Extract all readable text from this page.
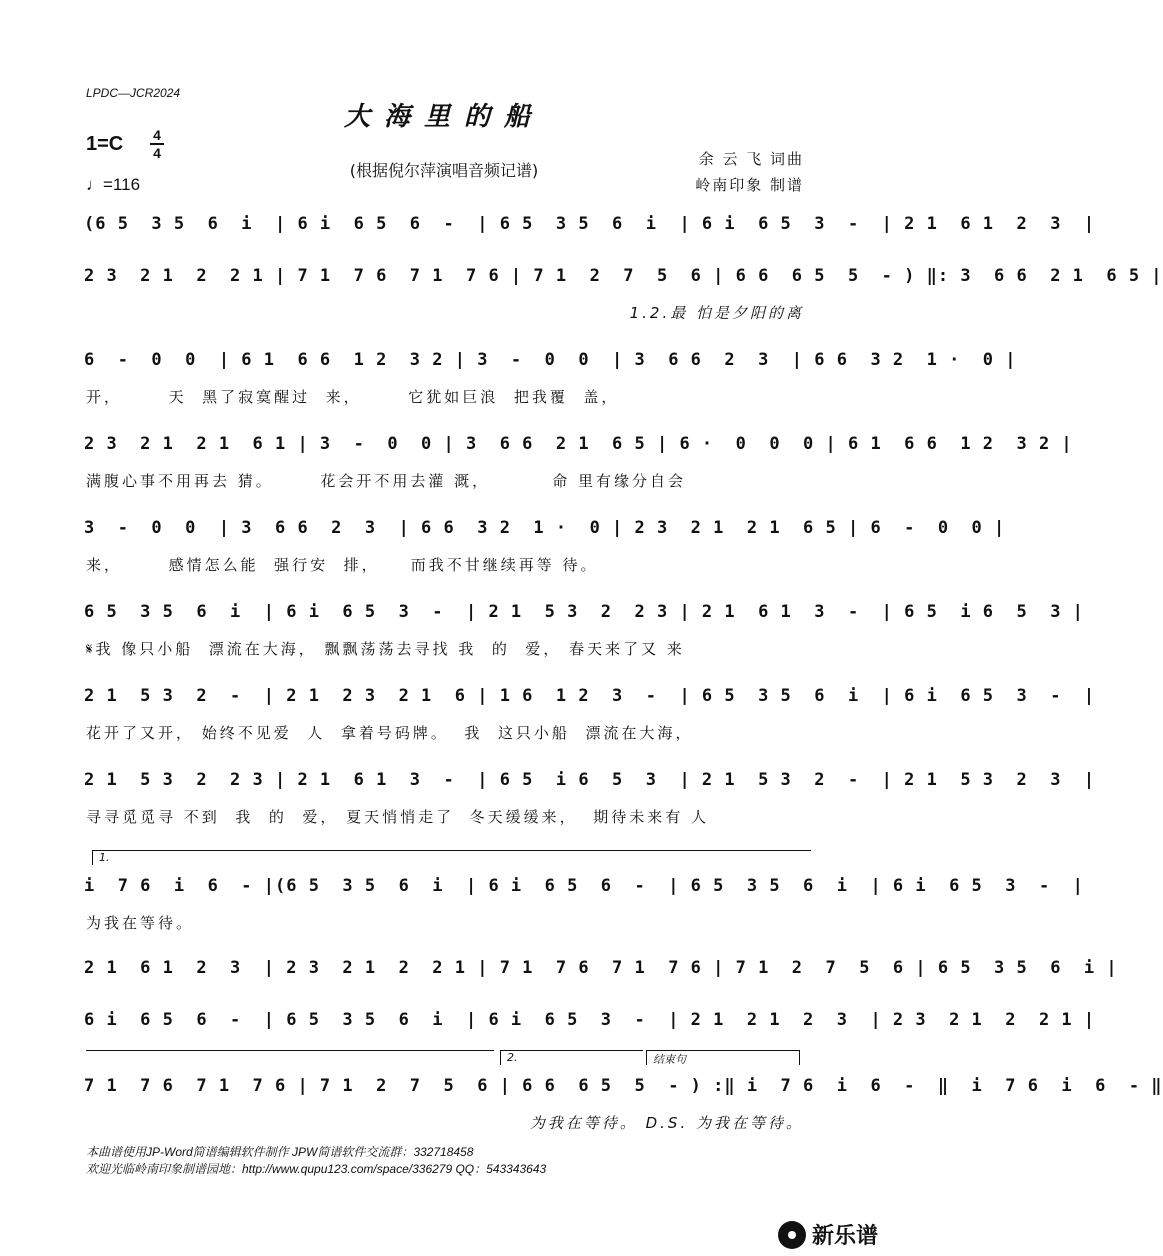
LPDC—JCR2024
大海里的船
1=C 4
4
♩=116
(根据倪尔萍演唱音频记谱)
余 云 飞 词曲
岭南印象 制谱
(6 5  3 5  6  i  | 6 i  6 5  6  -  | 6 5  3 5  6  i  | 6 i  6 5  3  -  | 2 1  6 1  2  3  |
2 3  2 1  2  2 1 | 7 1  7 6  7 1  7 6 | 7 1  2  7  5  6 | 6 6  6 5  5  - ) ‖: 3  6 6  2 1  6 5 |
1.2.最 怕是夕阳的离
6  -  0  0  | 6 1  6 6  1 2  3 2 | 3  -  0  0  | 3  6 6  2  3  | 6 6  3 2  1 ·  0 |
开，      天  黑了寂寞醒过  来，      它犹如巨浪  把我覆  盖，
2 3  2 1  2 1  6 1 | 3  -  0  0 | 3  6 6  2 1  6 5 | 6 ·  0  0  0 | 6 1  6 6  1 2  3 2 |
满腹心事不用再去 猜。      花会开不用去灌 溉，        命 里有缘分自会
3  -  0  0  | 3  6 6  2  3  | 6 6  3 2  1 ·  0 | 2 3  2 1  2 1  6 5 | 6  -  0  0 |
来，      感情怎么能  强行安  排，    而我不甘继续再等 待。
6 5  3 5  6  i  | 6 i  6 5  3  -  | 2 1  5 3  2  2 3 | 2 1  6 1  3  -  | 6 5  i 6  5  3 |
𝄋我 像只小船  漂流在大海， 飘飘荡荡去寻找 我  的  爱， 春天来了又 来
2 1  5 3  2  -  | 2 1  2 3  2 1  6 | 1 6  1 2  3  -  | 6 5  3 5  6  i  | 6 i  6 5  3  -  |
花开了又开， 始终不见爱  人  拿着号码牌。  我  这只小船  漂流在大海，
2 1  5 3  2  2 3 | 2 1  6 1  3  -  | 6 5  i 6  5  3  | 2 1  5 3  2  -  | 2 1  5 3  2  3  |
寻寻觅觅寻 不到  我  的  爱， 夏天悄悄走了  冬天缓缓来，  期待未来有 人
1.
i  7 6  i  6  - |(6 5  3 5  6  i  | 6 i  6 5  6  -  | 6 5  3 5  6  i  | 6 i  6 5  3  -  |
为我在等待。
2 1  6 1  2  3  | 2 3  2 1  2  2 1 | 7 1  7 6  7 1  7 6 | 7 1  2  7  5  6 | 6 5  3 5  6  i |
6 i  6 5  6  -  | 6 5  3 5  6  i  | 6 i  6 5  3  -  | 2 1  2 1  2  3  | 2 3  2 1  2  2 1 |
2.	结束句
7 1  7 6  7 1  7 6 | 7 1  2  7  5  6 | 6 6  6 5  5  - ) :‖ i  7 6  i  6  -  ‖  i  7 6  i  6  - ‖
为我在等待。 D.S. 为我在等待。
本曲谱使用JP-Word简谱编辑软件制作 JPW简谱软件交流群：332718458
欢迎光临岭南印象制谱园地：http://www.qupu123.com/space/336279 QQ：543343643
新乐谱
